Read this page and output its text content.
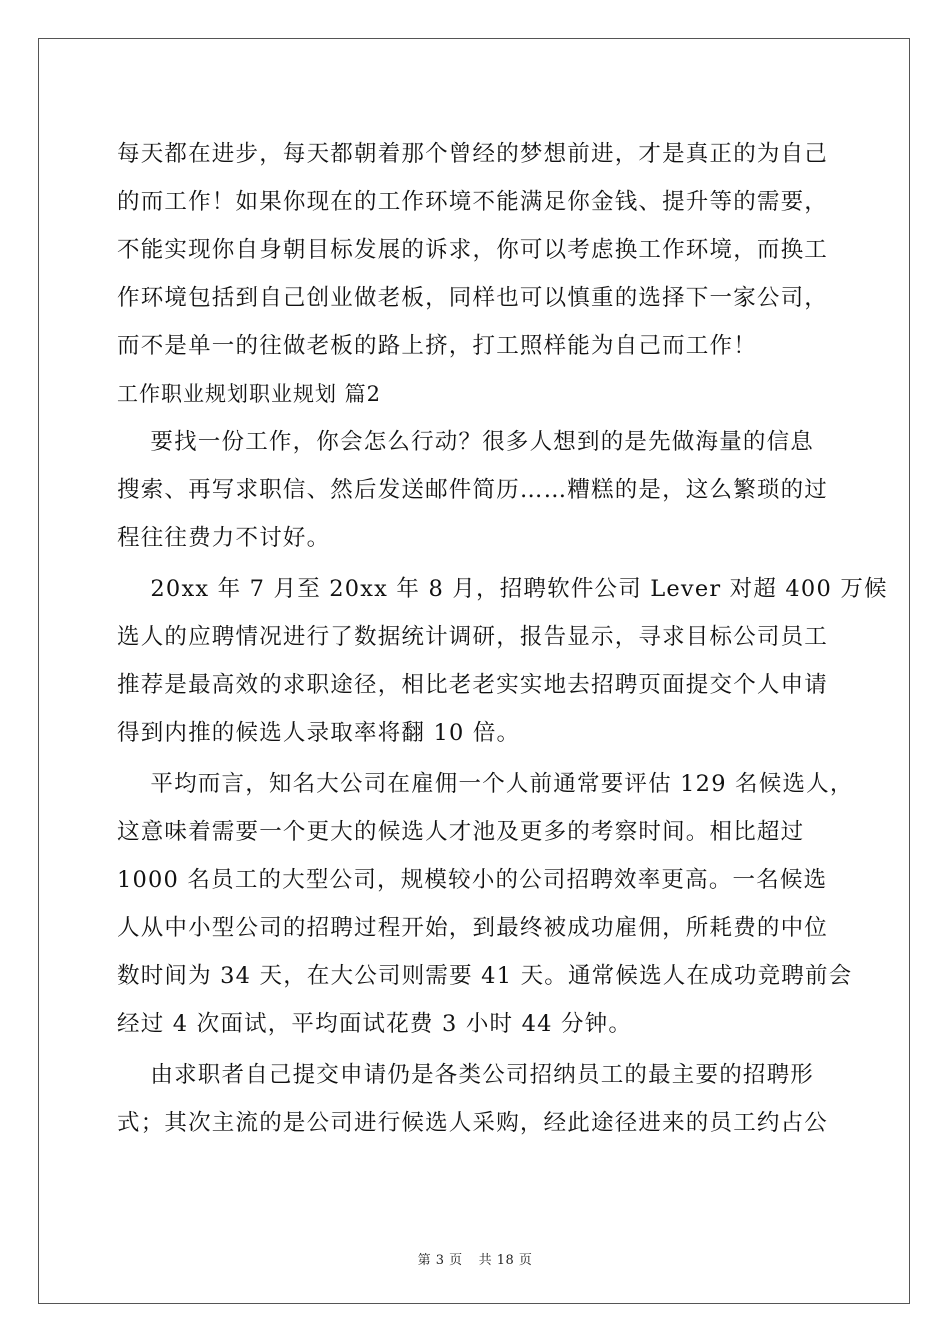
每天都在进步，每天都朝着那个曾经的梦想前进，才是真正的为自己
的而工作！如果你现在的工作环境不能满足你金钱、提升等的需要，
不能实现你自身朝目标发展的诉求，你可以考虑换工作环境，而换工
作环境包括到自己创业做老板，同样也可以慎重的选择下一家公司，
而不是单一的往做老板的路上挤，打工照样能为自己而工作！
工作职业规划职业规划 篇2
要找一份工作，你会怎么行动？很多人想到的是先做海量的信息
搜索、再写求职信、然后发送邮件简历……糟糕的是，这么繁琐的过
程往往费力不讨好。
20xx 年 7 月至 20xx 年 8 月，招聘软件公司 Lever 对超 400 万候
选人的应聘情况进行了数据统计调研，报告显示，寻求目标公司员工
推荐是最高效的求职途径，相比老老实实地去招聘页面提交个人申请
得到内推的候选人录取率将翻 10 倍。
平均而言，知名大公司在雇佣一个人前通常要评估 129 名候选人，
这意味着需要一个更大的候选人才池及更多的考察时间。相比超过
1000 名员工的大型公司，规模较小的公司招聘效率更高。一名候选
人从中小型公司的招聘过程开始，到最终被成功雇佣，所耗费的中位
数时间为 34 天，在大公司则需要 41 天。通常候选人在成功竞聘前会
经过 4 次面试，平均面试花费 3 小时 44 分钟。
由求职者自己提交申请仍是各类公司招纳员工的最主要的招聘形
式；其次主流的是公司进行候选人采购，经此途径进来的员工约占公
第 3 页 共 18 页
